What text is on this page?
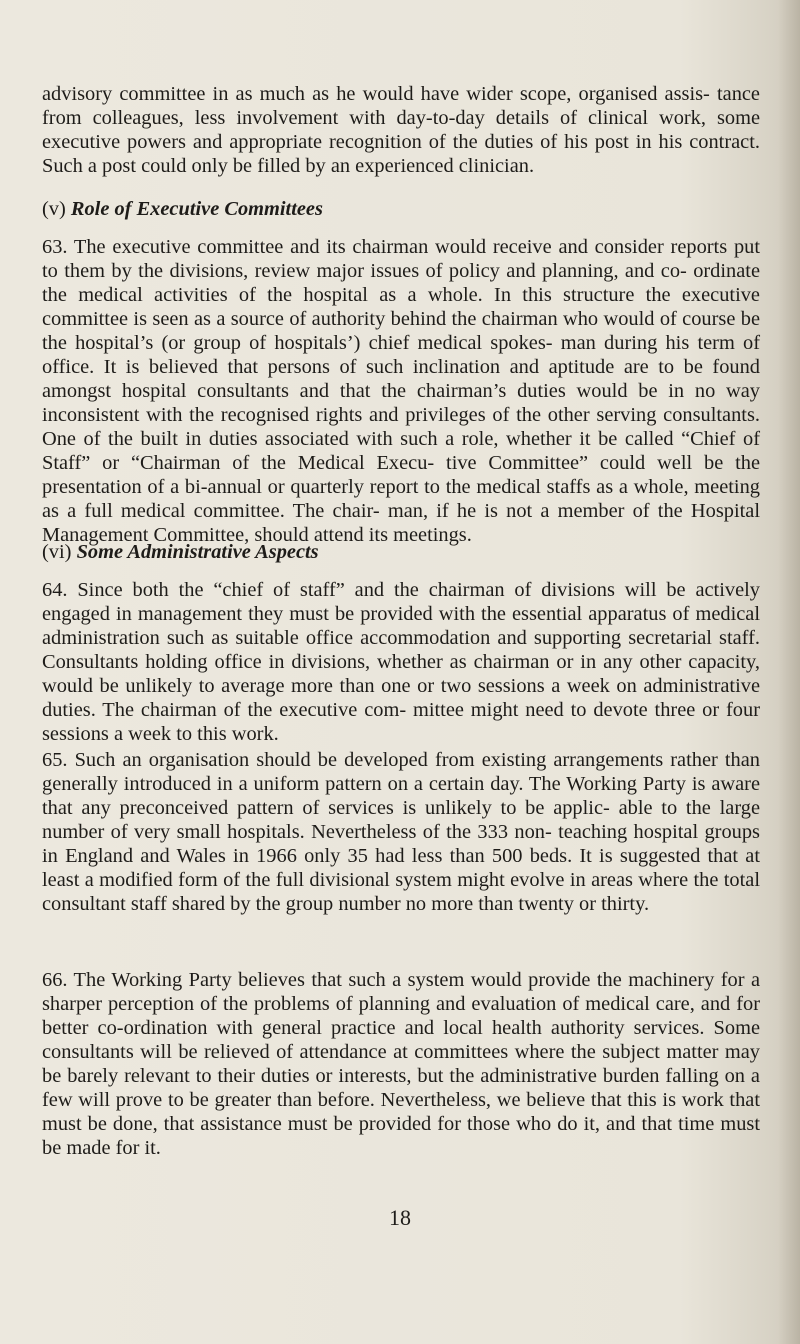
advisory committee in as much as he would have wider scope, organised assis- tance from colleagues, less involvement with day-to-day details of clinical work, some executive powers and appropriate recognition of the duties of his post in his contract. Such a post could only be filled by an experienced clinician.

(v) Role of Executive Committees

63. The executive committee and its chairman would receive and consider reports put to them by the divisions, review major issues of policy and planning, and co- ordinate the medical activities of the hospital as a whole. In this structure the executive committee is seen as a source of authority behind the chairman who would of course be the hospital’s (or group of hospitals’) chief medical spokes- man during his term of office. It is believed that persons of such inclination and aptitude are to be found amongst hospital consultants and that the chairman’s duties would be in no way inconsistent with the recognised rights and privileges of the other serving consultants. One of the built in duties associated with such a role, whether it be called “Chief of Staff” or “Chairman of the Medical Execu- tive Committee” could well be the presentation of a bi-annual or quarterly report to the medical staffs as a whole, meeting as a full medical committee. The chair- man, if he is not a member of the Hospital Management Committee, should attend its meetings.

(vi) Some Administrative Aspects

64. Since both the “chief of staff” and the chairman of divisions will be actively engaged in management they must be provided with the essential apparatus of medical administration such as suitable office accommodation and supporting secretarial staff. Consultants holding office in divisions, whether as chairman or in any other capacity, would be unlikely to average more than one or two sessions a week on administrative duties. The chairman of the executive com- mittee might need to devote three or four sessions a week to this work.

65. Such an organisation should be developed from existing arrangements rather than generally introduced in a uniform pattern on a certain day. The Working Party is aware that any preconceived pattern of services is unlikely to be applic- able to the large number of very small hospitals. Nevertheless of the 333 non- teaching hospital groups in England and Wales in 1966 only 35 had less than 500 beds. It is suggested that at least a modified form of the full divisional system might evolve in areas where the total consultant staff shared by the group number no more than twenty or thirty.

66. The Working Party believes that such a system would provide the machinery for a sharper perception of the problems of planning and evaluation of medical care, and for better co-ordination with general practice and local health authority services. Some consultants will be relieved of attendance at committees where the subject matter may be barely relevant to their duties or interests, but the administrative burden falling on a few will prove to be greater than before. Nevertheless, we believe that this is work that must be done, that assistance must be provided for those who do it, and that time must be made for it.

18
